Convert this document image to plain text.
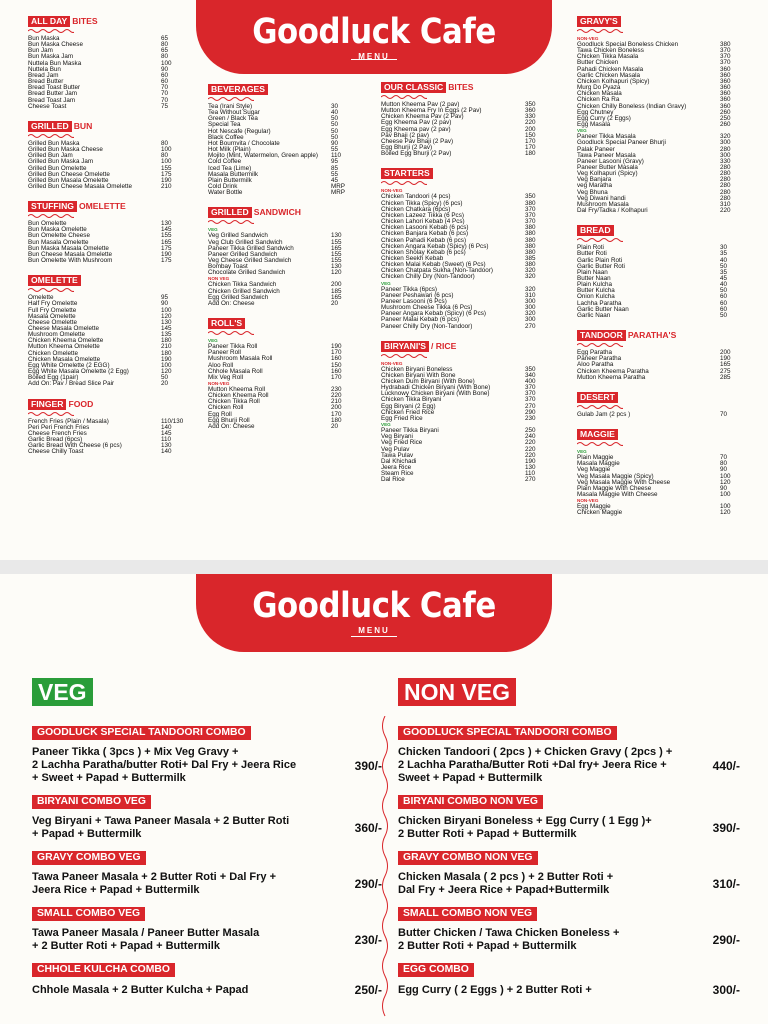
Goodluck Cafe
MENU
ALL DAY BITES
Bun Maska	65
Bun Maska Cheese	80
Bun Jam	65
Bun Maska Jam	80
Nuttela Bun Maska	100
Nuttela Bun	90
Bread Jam	60
Bread Butter	60
Bread Toast Butter	70
Bread Butter Jam	70
Bread Toast Jam	70
Cheese Toast	75
GRILLED BUN
Grilled Bun Maska	80
Grilled Bun Maska Cheese	100
Grilled Bun Jam	80
Grilled Bun Maska Jam	100
Grilled Bun Omelette	155
Grilled Bun Cheese Omelette	175
Grilled Bun Masala Omelette	190
Grilled Bun Cheese Masala Omelette	210
STUFFING OMELETTE
Bun Omelette	130
Bun Maska Omelette	145
Bun Omelette Cheese	155
Bun Masala Omelette	165
Bun Maska Masala Omelette	175
Bun Cheese Masala Omelette	190
Bun Omelette With Mushroom	175
OMELETTE
Omelette	95
Half Fry Omelette	90
Full Fry Omelette	100
Masala Omelette	120
Cheese Omelette	130
Cheese Masala Omelette	145
Mushroom Omelette	135
Chicken Kheema Omelette	180
Mutton Kheema Omelette	210
Chicken Omelette	180
Chicken Masala Omelette	190
Egg White Omelette (2 EGG)	100
Egg White Masala Omelette (2 Egg)	120
Boiled Egg (1pair)	50
Add On: Pav / Bread Slice Pair	20
FINGER FOOD
French Fries (Plain / Masala)	110/130
Peri Peri French Fries	140
Cheese French Fries	145
Garlic Bread (6pcs)	110
Garlic Bread With Cheese (6 pcs)	130
Cheese Chilly Toast	140
BEVERAGES
Tea (Irani Style)	30
Tea Without Sugar	40
Green / Black Tea	50
Special Tea	50
Hot Nescafe (Regular)	50
Black Coffee	50
Hot Bournvita / Chocolate	90
Hot Milk (Plain)	55
Mojito (Mint, Watermelon, Green apple) 110
Cold Coffee	95
Iced Tea (Lime)	85
Masala Buttermilk	55
Plain Buttermilk	45
Cold Drink	MRP
Water Bottle	MRP
GRILLED SANDWICH
VEG
Veg Grilled Sandwich	130
Veg Club Grilled Sandwich	155
Paneer Tikka Grilled Sandwich	165
Paneer Grilled Sandwich	155
Veg Cheese Grilled Sandwich	155
Bombay Toast	130
Chocolate Grilled Sandwich	120
NON VEG
Chicken Tikka Sandwich	200
Chicken Grilled Sandwich	185
Egg Grilled Sandwich	165
Add On: Cheese	20
ROLL'S
VEG
Paneer Tikka Roll	190
Paneer Roll	170
Mushroom Masala Roll	160
Aloo Roll	150
Chhole Masala Roll	160
Mix Veg Roll	170
NON-VEG
Mutton Kheema Roll	230
Chicken Kheema Roll	220
Chicken Tikka Roll	210
Chicken Roll	200
Egg Roll	170
Egg Bhurji Roll	180
Add On: Cheese	20
OUR CLASSIC BITES
Mutton Kheema Pav (2 pav)	350
Mutton Kheema Fry In Eggs (2 Pav)	360
Chicken Kheema Pav (2 Pav)	330
Egg Kheema Pav (2 pav)	220
Egg Kheema pav (2 pav)	200
Pav Bhaji (2 pav)	150
Cheese Pav Bhaji (2 Pav)	170
Egg Bhurji (2 Pav)	170
Boiled Egg Bhurji (2 Pav)	180
STARTERS
NON-VEG
Chicken Tandoori (4 pcs)	350
Chicken Tikka (Spicy) (6 pcs)	380
Chicken Chatkara (6pcs)	370
Chicken Lazeez Tikka (6 Pcs)	370
Chicken Lahori Kebab (4 Pcs)	370
Chicken Lasooni Kebab (6 pcs)	380
Chicken Banjara Kebab (6 pcs)	380
Chicken Pahadi Kebab (6 pcs)	380
Chicken Angara Kebab (Spicy) (6 Pcs)	380
Chicken Sholay Kebab (6 pcs)	380
Chicken Seekh Kebab	385
Chicken Malai Kebab (Sweet) (6 Pcs)	380
Chicken Chatpata Sukha (Non-Tandoor)	320
Chicken Chilly Dry (Non-Tandoor)	320
VEG
Paneer Tikka (6pcs)	320
Paneer Peshawari (6 pcs)	310
Paneer Lasooni (6 Pcs)	300
Mushroom Cheese Tikka (6 Pcs)	300
Paneer Angara Kebab (Spicy) (6 Pcs)	320
Paneer Malai Kebab (6 pcs)	300
Paneer Chilly Dry (Non-Tandoor)	270
BIRYANI'S / RICE
NON-VEG
Chicken Biryani Boneless	350
Chicken Biryani With Bone	340
Chicken Dum Biryani (With Bone)	400
Hydrabadi Chicken Biryani (With Bone)	370
Lucknowy Chicken Biryani (With Bone)	370
Chicken Tikka Biryani	370
Egg Biryani (2 Egg)	270
Chicken Fried Rice	290
Egg Fried Rice	230
VEG
Paneer Tikka Biryani	250
Veg Biryani	240
Veg Fried Rice	220
Veg Pulav	220
Tawa Pulav	220
Dal Khichadi	190
Jeera Rice	130
Steam Rice	110
Dal Rice	270
GRAVY'S
NON-VEG
Goodluck Special Boneless Chicken	380
Tawa Chicken Boneless	370
Chicken Tikka Masala	370
Butter Chicken	370
Pahadi Chicken Masala	360
Garlic Chicken Masala	360
Chicken Kolhapuri (Spicy)	360
Murg Do Pyaza	360
Chicken Masala	360
Chicken Ra Ra	360
Chicken Chilly Boneless (Indian Gravy)	360
Egg Chutney	260
Egg Curry (2 Eggs)	250
Egg Masala	260
VEG
Paneer Tikka Masala	320
Goodluck Special Paneer Bhurji	300
Palak Paneer	280
Tawa Paneer Masala	300
Paneer Lasooni (Gravy)	330
Paneer Butter Masala	280
Veg Kolhapuri (Spicy)	280
Veg Banjara	280
veg Maratha	280
Veg Bhuna	280
Veg Diwani handi	280
Mushroom Masala	310
Dal Fry/Tadka / Kolhapuri	220
BREAD
Plain Roti	30
Butter Roti	35
Garlic Plain Roti	40
Garlic Butter Roti	50
Plain Naan	35
Butter Naan	45
Plain Kulcha	40
Butter Kulcha	50
Onion Kulcha	60
Lachha Paratha	60
Garlic Butter Naan	60
Garlic Naan	50
TANDOOR PARATHA'S
Egg Paratha	200
Paneer Paratha	190
Aloo Paratha	165
Chicken Kheema Paratha	275
Mutton Kheema Paratha	285
DESERT
Gulab Jam (2 pcs )	70
MAGGIE
VEG
Plain Maggie	70
Masala Maggie	80
Veg Maggie	90
Veg Masala Maggie (Spicy)	100
Veg Masala Maggie With Cheese	120
Plain Maggie With Cheese	90
Masala Maggie With Cheese	100
NON-VEG
Egg Maggie	100
Chicken Maggie	120
Goodluck Cafe
MENU
VEG	NON VEG
GOODLUCK SPECIAL TANDOORI COMBO
Paneer Tikka ( 3pcs ) + Mix Veg Gravy +
2 Lachha Paratha/butter Roti+ Dal Fry + Jeera Rice
+ Sweet + Papad + Buttermilk
390/-
BIRYANI COMBO VEG
Veg Biryani + Tawa Paneer Masala + 2 Butter Roti
+ Papad + Buttermilk	360/-
GRAVY COMBO VEG
Tawa Paneer Masala + 2 Butter Roti + Dal Fry +
Jeera Rice + Papad + Buttermilk	290/-
SMALL COMBO VEG
Tawa Paneer Masala / Paneer Butter Masala
+ 2 Butter Roti + Papad + Buttermilk	230/-
CHHOLE KULCHA COMBO
Chhole Masala + 2 Butter Kulcha + Papad	250/-
GOODLUCK SPECIAL TANDOORI COMBO
Chicken Tandoori ( 2pcs ) + Chicken Gravy ( 2pcs ) +
2 Lachha Paratha/Butter Roti +Dal fry+ Jeera Rice +
Sweet + Papad + Buttermilk
440/-
BIRYANI COMBO NON VEG
Chicken Biryani Boneless + Egg Curry ( 1 Egg )+
2 Butter Roti + Papad + Buttermilk	390/-
GRAVY COMBO NON VEG
Chicken Masala ( 2 pcs ) + 2 Butter Roti +
Dal Fry + Jeera Rice + Papad+Buttermilk	310/-
SMALL COMBO NON VEG
Butter Chicken / Tawa Chicken Boneless +
2 Butter Roti + Papad + Buttermilk	290/-
EGG COMBO
Egg Curry ( 2 Eggs ) + 2 Butter Roti +	300/-
